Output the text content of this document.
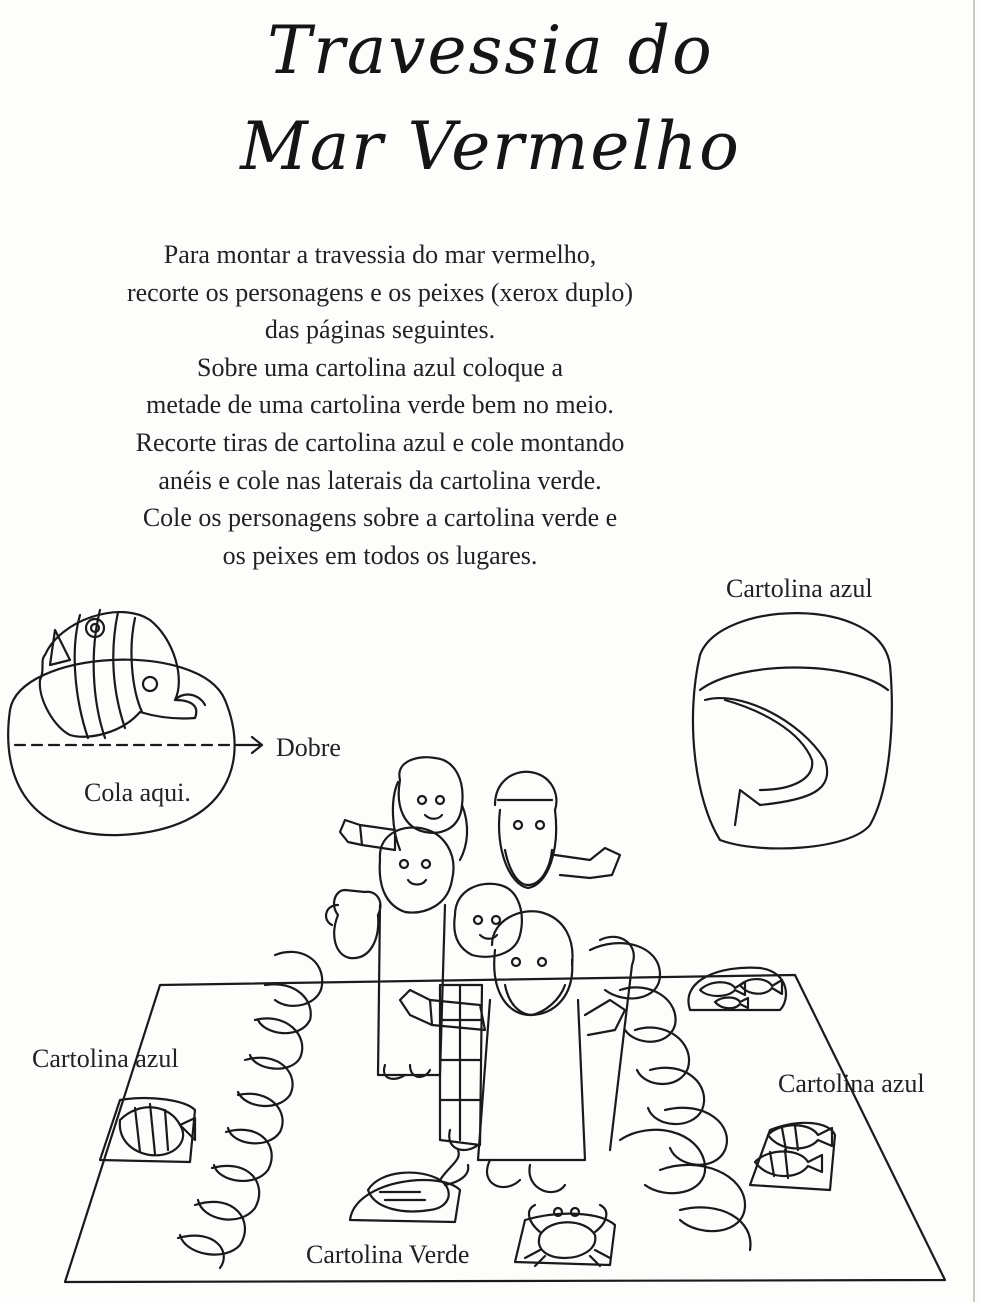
Travessia do
Mar Vermelho
Para montar a travessia do mar vermelho,
recorte os personagens e os peixes (xerox duplo)
das páginas seguintes.
Sobre uma cartolina azul coloque a
metade de uma cartolina verde bem no meio.
Recorte tiras de cartolina azul e cole montando
anéis e cole nas laterais da cartolina verde.
Cole os personagens sobre a cartolina verde e
os peixes em todos os lugares.
Cartolina azul
Dobre
Cola aqui.
Cartolina azul
Cartolina azul
Cartolina Verde
